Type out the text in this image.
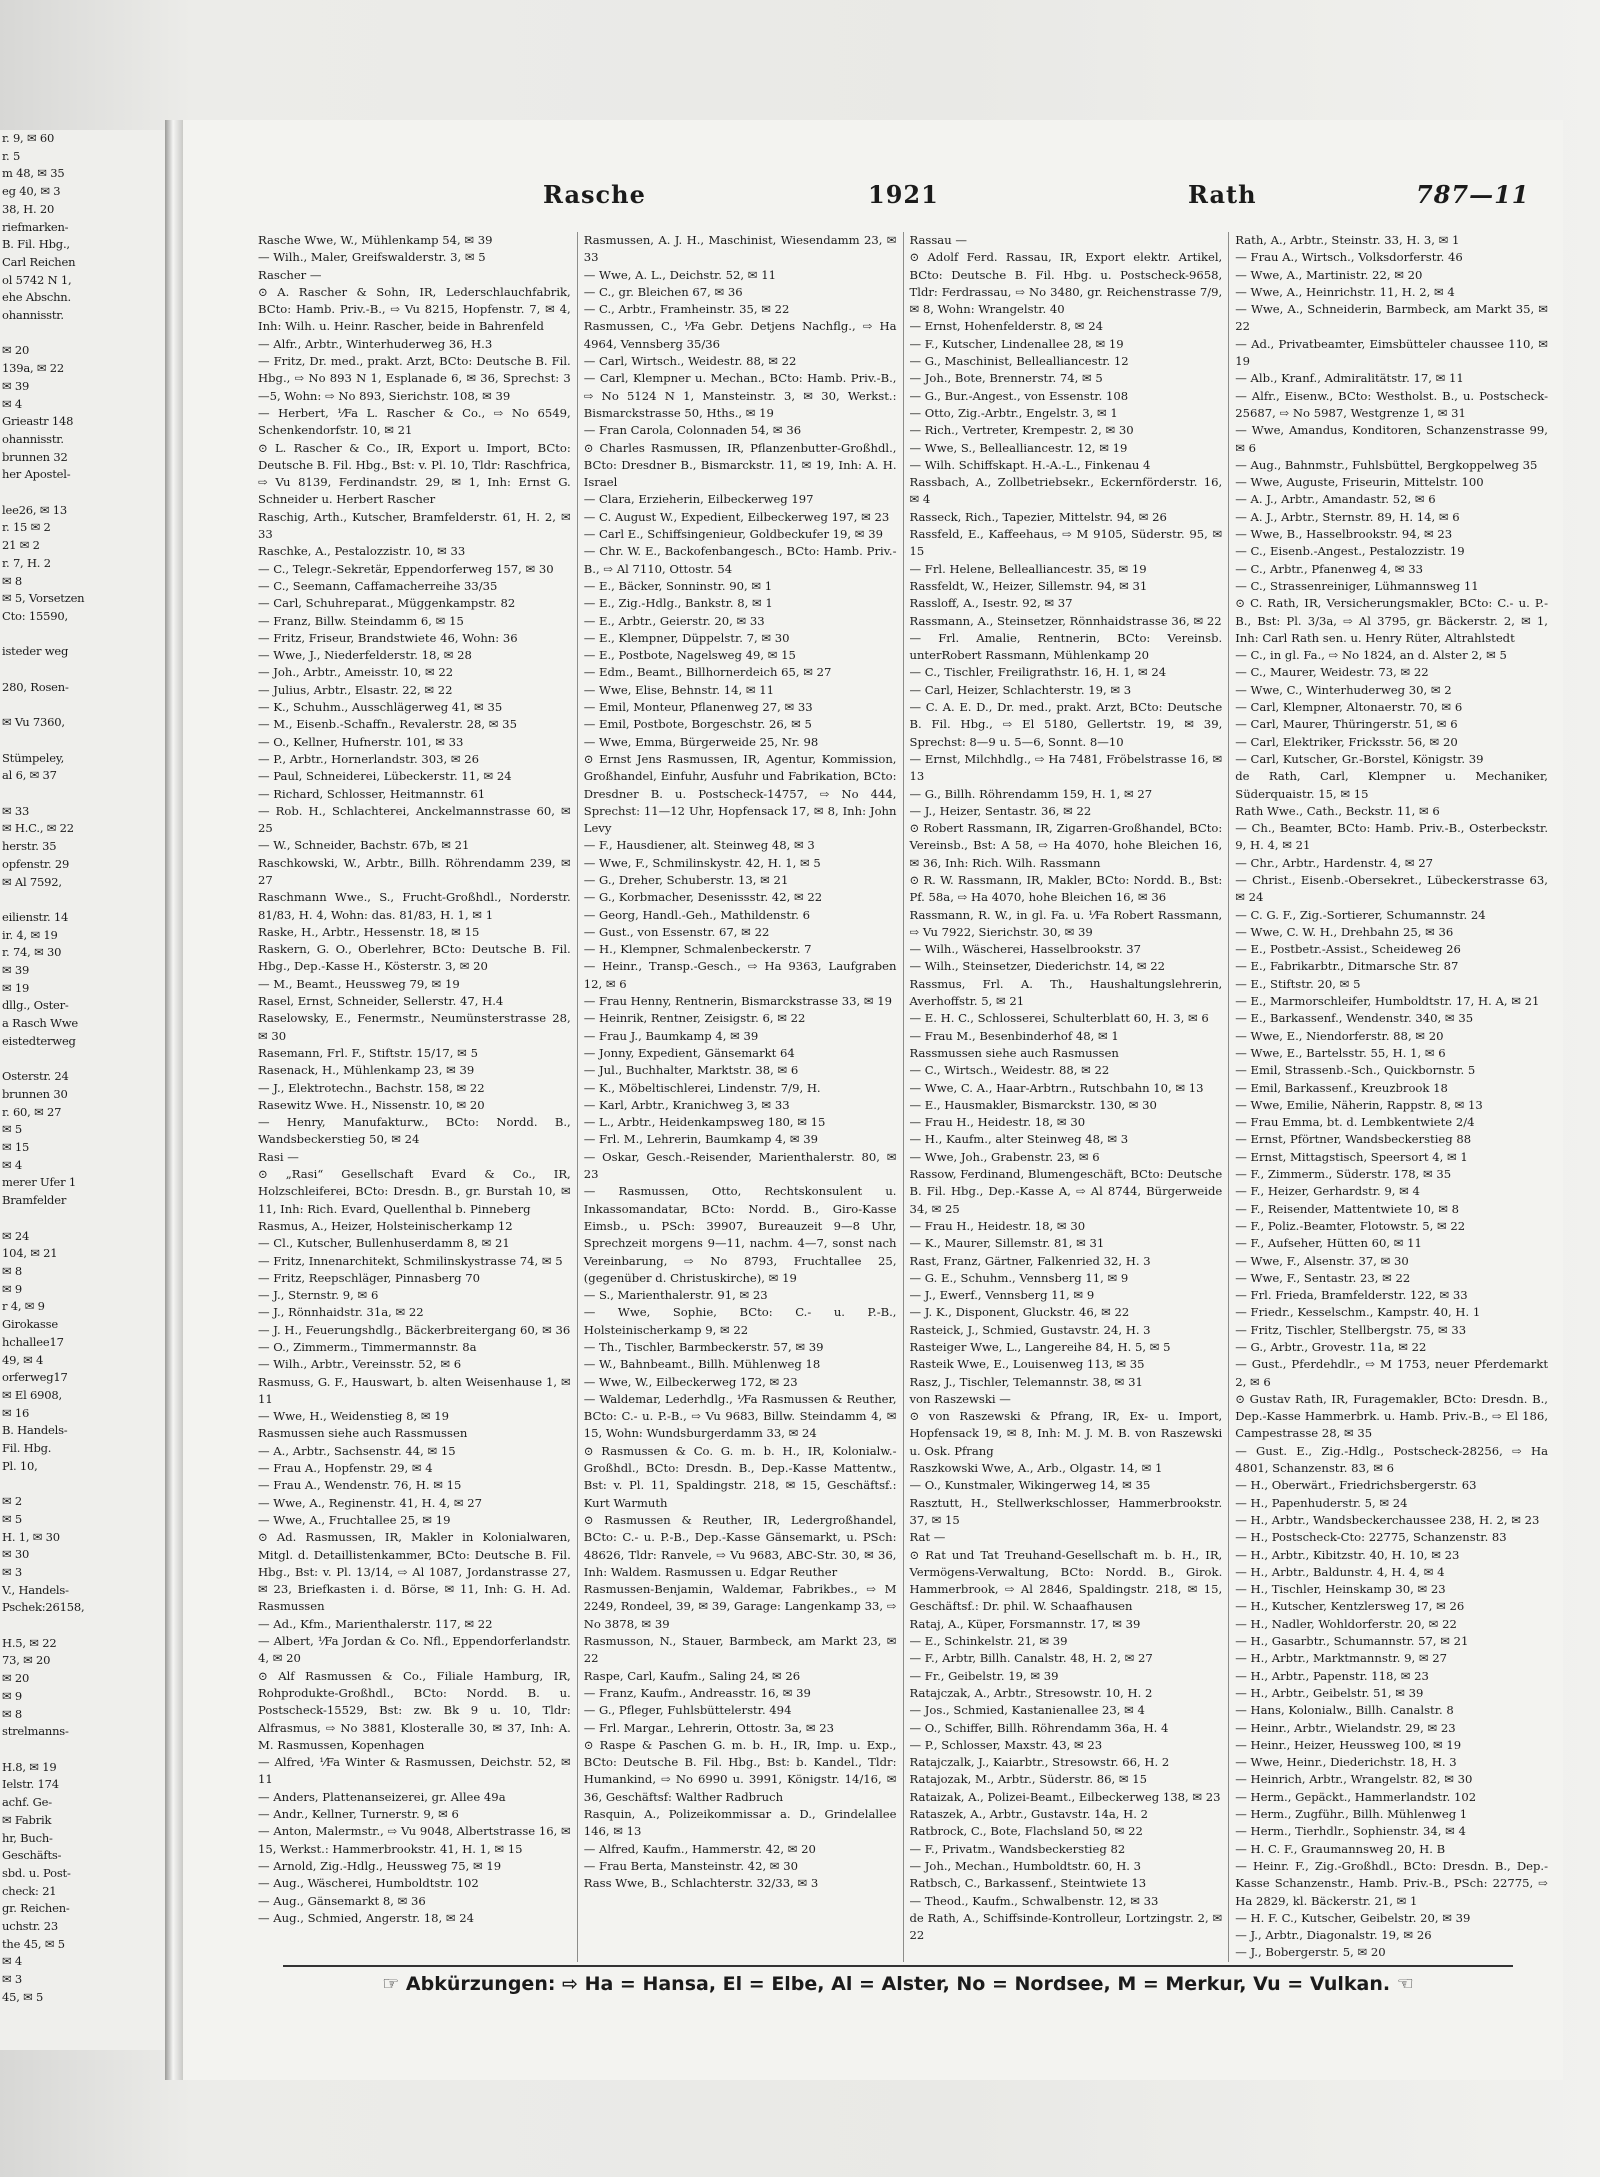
r. 9, ✉ 60
r. 5
m 48, ✉ 35
eg 40, ✉ 3
38, H. 20
riefmarken-
B. Fil. Hbg.,
Carl Reichen
ol 5742 N 1,
ehe Abschn.
ohannisstr.

✉ 20
139a, ✉ 22
✉ 39
✉ 4
Grieastr 148
ohannisstr.
brunnen 32
her Apostel-

lee26, ✉ 13
r. 15 ✉ 2
21 ✉ 2
r. 7, H. 2
✉ 8
✉ 5, Vorsetzen
Cto: 15590,

isteder weg

280, Rosen-

✉ Vu 7360,

Stümpeley,
al 6, ✉ 37

✉ 33
✉ H.C., ✉ 22
herstr. 35
opfenstr. 29
✉ Al 7592,

eilienstr. 14
ir. 4, ✉ 19
r. 74, ✉ 30
✉ 39
✉ 19
dllg., Oster-
a Rasch Wwe
eistedterweg

Osterstr. 24
brunnen 30
r. 60, ✉ 27
✉ 5
✉ 15
✉ 4
merer Ufer 1
Bramfelder

✉ 24
104, ✉ 21
✉ 8
✉ 9
r 4, ✉ 9
Girokasse
hchallee17
49, ✉ 4
orferweg17
✉ El 6908,
✉ 16
B. Handels-
Fil. Hbg.
Pl. 10,

✉ 2
✉ 5
H. 1, ✉ 30
✉ 30
✉ 3
V., Handels-
Pschek:26158,

H.5, ✉ 22
73, ✉ 20
✉ 20
✉ 9
✉ 8
strelmanns-

H.8, ✉ 19
Ielstr. 174
achf. Ge-
✉ Fabrik
hr, Buch-
Geschäfts-
sbd. u. Post-
check: 21
gr. Reichen-
uchstr. 23
the 45, ✉ 5
✉ 4
✉ 3
45, ✉ 5
Rasche	1921	Rath	787—11

Rasche Wwe, W., Mühlenkamp 54, ✉ 39

— Wilh., Maler, Greifswalderstr. 3, ✉ 5

Rascher —

⊙ A. Rascher & Sohn, IR, Lederschlauchfabrik, BCto: Hamb. Priv.-B., ⇨ Vu 8215, Hopfenstr. 7, ✉ 4, Inh: Wilh. u. Heinr. Rascher, beide in Bahrenfeld

— Alfr., Arbtr., Winterhuderweg 36, H.3

— Fritz, Dr. med., prakt. Arzt, BCto: Deutsche B. Fil. Hbg., ⇨ No 893 N 1, Esplanade 6, ✉ 36, Sprechst: 3—5, Wohn: ⇨ No 893, Sierichstr. 108, ✉ 39

— Herbert, ⅟Fa L. Rascher & Co., ⇨ No 6549, Schenkendorfstr. 10, ✉ 21

⊙ L. Rascher & Co., IR, Export u. Import, BCto: Deutsche B. Fil. Hbg., Bst: v. Pl. 10, Tldr: Raschfrica, ⇨ Vu 8139, Ferdinandstr. 29, ✉ 1, Inh: Ernst G. Schneider u. Herbert Rascher

Raschig, Arth., Kutscher, Bramfelderstr. 61, H. 2, ✉ 33

Raschke, A., Pestalozzistr. 10, ✉ 33

— C., Telegr.-Sekretär, Eppendorferweg 157, ✉ 30

— C., Seemann, Caffamacherreihe 33/35

— Carl, Schuhreparat., Müggenkampstr. 82

— Franz, Billw. Steindamm 6, ✉ 15

— Fritz, Friseur, Brandstwiete 46, Wohn: 36

— Wwe, J., Niederfelderstr. 18, ✉ 28

— Joh., Arbtr., Ameisstr. 10, ✉ 22

— Julius, Arbtr., Elsastr. 22, ✉ 22

— K., Schuhm., Ausschlägerweg 41, ✉ 35

— M., Eisenb.-Schaffn., Revalerstr. 28, ✉ 35

— O., Kellner, Hufnerstr. 101, ✉ 33

— P., Arbtr., Hornerlandstr. 303, ✉ 26

— Paul, Schneiderei, Lübeckerstr. 11, ✉ 24

— Richard, Schlosser, Heitmannstr. 61

— Rob. H., Schlachterei, Anckelmannstrasse 60, ✉ 25

— W., Schneider, Bachstr. 67b, ✉ 21

Raschkowski, W., Arbtr., Billh. Röhrendamm 239, ✉ 27

Raschmann Wwe., S., Frucht-Großhdl., Norderstr. 81/83, H. 4, Wohn: das. 81/83, H. 1, ✉ 1

Raske, H., Arbtr., Hessenstr. 18, ✉ 15

Raskern, G. O., Oberlehrer, BCto: Deutsche B. Fil. Hbg., Dep.-Kasse H., Kösterstr. 3, ✉ 20

— M., Beamt., Heussweg 79, ✉ 19

Rasel, Ernst, Schneider, Sellerstr. 47, H.4

Raselowsky, E., Fenermstr., Neumünsterstrasse 28, ✉ 30

Rasemann, Frl. F., Stiftstr. 15/17, ✉ 5

Rasenack, H., Mühlenkamp 23, ✉ 39

— J., Elektrotechn., Bachstr. 158, ✉ 22

Rasewitz Wwe. H., Nissenstr. 10, ✉ 20

— Henry, Manufakturw., BCto: Nordd. B., Wandsbeckerstieg 50, ✉ 24

Rasi —

⊙ „Rasi“ Gesellschaft Evard & Co., IR, Holzschleiferei, BCto: Dresdn. B., gr. Burstah 10, ✉ 11, Inh: Rich. Evard, Quellenthal b. Pinneberg

Rasmus, A., Heizer, Holsteinischerkamp 12

— Cl., Kutscher, Bullenhuserdamm 8, ✉ 21

— Fritz, Innenarchitekt, Schmilinskystrasse 74, ✉ 5

— Fritz, Reepschläger, Pinnasberg 70

— J., Sternstr. 9, ✉ 6

— J., Rönnhaidstr. 31a, ✉ 22

— J. H., Feuerungshdlg., Bäckerbreitergang 60, ✉ 36

— O., Zimmerm., Timmermannstr. 8a

— Wilh., Arbtr., Vereinsstr. 52, ✉ 6

Rasmuss, G. F., Hauswart, b. alten Weisenhause 1, ✉ 11

— Wwe, H., Weidenstieg 8, ✉ 19

Rasmussen siehe auch Rassmussen

— A., Arbtr., Sachsenstr. 44, ✉ 15

— Frau A., Hopfenstr. 29, ✉ 4

— Frau A., Wendenstr. 76, H. ✉ 15

— Wwe, A., Reginenstr. 41, H. 4, ✉ 27

— Wwe, A., Fruchtallee 25, ✉ 19

⊙ Ad. Rasmussen, IR, Makler in Kolonialwaren, Mitgl. d. Detaillistenkammer, BCto: Deutsche B. Fil. Hbg., Bst: v. Pl. 13/14, ⇨ Al 1087, Jordanstrasse 27, ✉ 23, Briefkasten i. d. Börse, ✉ 11, Inh: G. H. Ad. Rasmussen

— Ad., Kfm., Marienthalerstr. 117, ✉ 22

— Albert, ⅟Fa Jordan & Co. Nfl., Eppendorferlandstr. 4, ✉ 20

⊙ Alf Rasmussen & Co., Filiale Hamburg, IR, Rohprodukte-Großhdl., BCto: Nordd. B. u. Postscheck-15529, Bst: zw. Bk 9 u. 10, Tldr: Alfrasmus, ⇨ No 3881, Klosteralle 30, ✉ 37, Inh: A. M. Rasmussen, Kopenhagen

— Alfred, ⅟Fa Winter & Rasmussen, Deichstr. 52, ✉ 11

— Anders, Plattenanseizerei, gr. Allee 49a

— Andr., Kellner, Turnerstr. 9, ✉ 6

— Anton, Malermstr., ⇨ Vu 9048, Albertstrasse 16, ✉ 15, Werkst.: Hammerbrookstr. 41, H. 1, ✉ 15

— Arnold, Zig.-Hdlg., Heussweg 75, ✉ 19

— Aug., Wäscherei, Humboldtstr. 102

— Aug., Gänsemarkt 8, ✉ 36

— Aug., Schmied, Angerstr. 18, ✉ 24

Rasmussen, A. J. H., Maschinist, Wiesendamm 23, ✉ 33

— Wwe, A. L., Deichstr. 52, ✉ 11

— C., gr. Bleichen 67, ✉ 36

— C., Arbtr., Framheinstr. 35, ✉ 22

Rasmussen, C., ⅟Fa Gebr. Detjens Nachflg., ⇨ Ha 4964, Vennsberg 35/36

— Carl, Wirtsch., Weidestr. 88, ✉ 22

— Carl, Klempner u. Mechan., BCto: Hamb. Priv.-B., ⇨ No 5124 N 1, Mansteinstr. 3, ✉ 30, Werkst.: Bismarckstrasse 50, Hths., ✉ 19

— Fran Carola, Colonnaden 54, ✉ 36

⊙ Charles Rasmussen, IR, Pflanzenbutter-Großhdl., BCto: Dresdner B., Bismarckstr. 11, ✉ 19, Inh: A. H. Israel

— Clara, Erzieherin, Eilbeckerweg 197

— C. August W., Expedient, Eilbeckerweg 197, ✉ 23

— Carl E., Schiffsingenieur, Goldbeckufer 19, ✉ 39

— Chr. W. E., Backofenbangesch., BCto: Hamb. Priv.-B., ⇨ Al 7110, Ottostr. 54

— E., Bäcker, Sonninstr. 90, ✉ 1

— E., Zig.-Hdlg., Bankstr. 8, ✉ 1

— E., Arbtr., Geierstr. 20, ✉ 33

— E., Klempner, Düppelstr. 7, ✉ 30

— E., Postbote, Nagelsweg 49, ✉ 15

— Edm., Beamt., Billhornerdeich 65, ✉ 27

— Wwe, Elise, Behnstr. 14, ✉ 11

— Emil, Monteur, Pflanenweg 27, ✉ 33

— Emil, Postbote, Borgeschstr. 26, ✉ 5

— Wwe, Emma, Bürgerweide 25, Nr. 98

⊙ Ernst Jens Rasmussen, IR, Agentur, Kommission, Großhandel, Einfuhr, Ausfuhr und Fabrikation, BCto: Dresdner B. u. Postscheck-14757, ⇨ No 444, Sprechst: 11—12 Uhr, Hopfensack 17, ✉ 8, Inh: John Levy

— F., Hausdiener, alt. Steinweg 48, ✉ 3

— Wwe, F., Schmilinskystr. 42, H. 1, ✉ 5

— G., Dreher, Schuberstr. 13, ✉ 21

— G., Korbmacher, Desenissstr. 42, ✉ 22

— Georg, Handl.-Geh., Mathildenstr. 6

— Gust., von Essenstr. 67, ✉ 22

— H., Klempner, Schmalenbeckerstr. 7

— Heinr., Transp.-Gesch., ⇨ Ha 9363, Laufgraben 12, ✉ 6

— Frau Henny, Rentnerin, Bismarckstrasse 33, ✉ 19

— Heinrik, Rentner, Zeisigstr. 6, ✉ 22

— Frau J., Baumkamp 4, ✉ 39

— Jonny, Expedient, Gänsemarkt 64

— Jul., Buchhalter, Marktstr. 38, ✉ 6

— K., Möbeltischlerei, Lindenstr. 7/9, H.

— Karl, Arbtr., Kranichweg 3, ✉ 33

— L., Arbtr., Heidenkampsweg 180, ✉ 15

— Frl. M., Lehrerin, Baumkamp 4, ✉ 39

— Oskar, Gesch.-Reisender, Marienthalerstr. 80, ✉ 23

— Rasmussen, Otto, Rechtskonsulent u. Inkassomandatar, BCto: Nordd. B., Giro-Kasse Eimsb., u. PSch: 39907, Bureauzeit 9—8 Uhr, Sprechzeit morgens 9—11, nachm. 4—7, sonst nach Vereinbarung, ⇨ No 8793, Fruchtallee 25, (gegenüber d. Christuskirche), ✉ 19

— S., Marienthalerstr. 91, ✉ 23

— Wwe, Sophie, BCto: C.- u. P.-B., Holsteinischerkamp 9, ✉ 22

— Th., Tischler, Barmbeckerstr. 57, ✉ 39

— W., Bahnbeamt., Billh. Mühlenweg 18

— Wwe, W., Eilbeckerweg 172, ✉ 23

— Waldemar, Lederhdlg., ⅟Fa Rasmussen & Reuther, BCto: C.- u. P.-B., ⇨ Vu 9683, Billw. Steindamm 4, ✉ 15, Wohn: Wundsburgerdamm 33, ✉ 24

⊙ Rasmussen & Co. G. m. b. H., IR, Kolonialw.-Großhdl., BCto: Dresdn. B., Dep.-Kasse Mattentw., Bst: v. Pl. 11, Spaldingstr. 218, ✉ 15, Geschäftsf.: Kurt Warmuth

⊙ Rasmussen & Reuther, IR, Ledergroßhandel, BCto: C.- u. P.-B., Dep.-Kasse Gänsemarkt, u. PSch: 48626, Tldr: Ranvele, ⇨ Vu 9683, ABC-Str. 30, ✉ 36, Inh: Waldem. Rasmussen u. Edgar Reuther

Rasmussen-Benjamin, Waldemar, Fabrikbes., ⇨ M 2249, Rondeel, 39, ✉ 39, Garage: Langenkamp 33, ⇨ No 3878, ✉ 39

Rasmusson, N., Stauer, Barmbeck, am Markt 23, ✉ 22

Raspe, Carl, Kaufm., Saling 24, ✉ 26

— Franz, Kaufm., Andreasstr. 16, ✉ 39

— G., Pfleger, Fuhlsbüttelerstr. 494

— Frl. Margar., Lehrerin, Ottostr. 3a, ✉ 23

⊙ Raspe & Paschen G. m. b. H., IR, Imp. u. Exp., BCto: Deutsche B. Fil. Hbg., Bst: b. Kandel., Tldr: Humankind, ⇨ No 6990 u. 3991, Königstr. 14/16, ✉ 36, Geschäftsf: Walther Radbruch

Rasquin, A., Polizeikommissar a. D., Grindelallee 146, ✉ 13

— Alfred, Kaufm., Hammerstr. 42, ✉ 20

— Frau Berta, Mansteinstr. 42, ✉ 30

Rass Wwe, B., Schlachterstr. 32/33, ✉ 3

Rassau —

⊙ Adolf Ferd. Rassau, IR, Export elektr. Artikel, BCto: Deutsche B. Fil. Hbg. u. Postscheck-9658, Tldr: Ferdrassau, ⇨ No 3480, gr. Reichenstrasse 7/9, ✉ 8, Wohn: Wrangelstr. 40

— Ernst, Hohenfelderstr. 8, ✉ 24

— F., Kutscher, Lindenallee 28, ✉ 19

— G., Maschinist, Bellealliancestr. 12

— Joh., Bote, Brennerstr. 74, ✉ 5

— G., Bur.-Angest., von Essenstr. 108

— Otto, Zig.-Arbtr., Engelstr. 3, ✉ 1

— Rich., Vertreter, Krempestr. 2, ✉ 30

— Wwe, S., Bellealliancestr. 12, ✉ 19

— Wilh. Schiffskapt. H.-A.-L., Finkenau 4

Rassbach, A., Zollbetriebsekr., Eckernförderstr. 16, ✉ 4

Rasseck, Rich., Tapezier, Mittelstr. 94, ✉ 26

Rassfeld, E., Kaffeehaus, ⇨ M 9105, Süderstr. 95, ✉ 15

— Frl. Helene, Bellealliancestr. 35, ✉ 19

Rassfeldt, W., Heizer, Sillemstr. 94, ✉ 31

Rassloff, A., Isestr. 92, ✉ 37

Rassmann, A., Steinsetzer, Rönnhaidstrasse 36, ✉ 22

— Frl. Amalie, Rentnerin, BCto: Vereinsb. unterRobert Rassmann, Mühlenkamp 20

— C., Tischler, Freiligrathstr. 16, H. 1, ✉ 24

— Carl, Heizer, Schlachterstr. 19, ✉ 3

— C. A. E. D., Dr. med., prakt. Arzt, BCto: Deutsche B. Fil. Hbg., ⇨ El 5180, Gellertstr. 19, ✉ 39, Sprechst: 8—9 u. 5—6, Sonnt. 8—10

— Ernst, Milchhdlg., ⇨ Ha 7481, Fröbelstrasse 16, ✉ 13

— G., Billh. Röhrendamm 159, H. 1, ✉ 27

— J., Heizer, Sentastr. 36, ✉ 22

⊙ Robert Rassmann, IR, Zigarren-Großhandel, BCto: Vereinsb., Bst: A 58, ⇨ Ha 4070, hohe Bleichen 16, ✉ 36, Inh: Rich. Wilh. Rassmann

⊙ R. W. Rassmann, IR, Makler, BCto: Nordd. B., Bst: Pf. 58a, ⇨ Ha 4070, hohe Bleichen 16, ✉ 36

Rassmann, R. W., in gl. Fa. u. ⅟Fa Robert Rassmann, ⇨ Vu 7922, Sierichstr. 30, ✉ 39

— Wilh., Wäscherei, Hasselbrookstr. 37

— Wilh., Steinsetzer, Diederichstr. 14, ✉ 22

Rassmus, Frl. A. Th., Haushaltungslehrerin, Averhoffstr. 5, ✉ 21

— E. H. C., Schlosserei, Schulterblatt 60, H. 3, ✉ 6

— Frau M., Besenbinderhof 48, ✉ 1

Rassmussen siehe auch Rasmussen

— C., Wirtsch., Weidestr. 88, ✉ 22

— Wwe, C. A., Haar-Arbtrn., Rutschbahn 10, ✉ 13

— E., Hausmakler, Bismarckstr. 130, ✉ 30

— Frau H., Heidestr. 18, ✉ 30

— H., Kaufm., alter Steinweg 48, ✉ 3

— Wwe, Joh., Grabenstr. 23, ✉ 6

Rassow, Ferdinand, Blumengeschäft, BCto: Deutsche B. Fil. Hbg., Dep.-Kasse A, ⇨ Al 8744, Bürgerweide 34, ✉ 25

— Frau H., Heidestr. 18, ✉ 30

— K., Maurer, Sillemstr. 81, ✉ 31

Rast, Franz, Gärtner, Falkenried 32, H. 3

— G. E., Schuhm., Vennsberg 11, ✉ 9

— J., Ewerf., Vennsberg 11, ✉ 9

— J. K., Disponent, Gluckstr. 46, ✉ 22

Rasteick, J., Schmied, Gustavstr. 24, H. 3

Rasteiger Wwe, L., Langereihe 84, H. 5, ✉ 5

Rasteik Wwe, E., Louisenweg 113, ✉ 35

Rasz, J., Tischler, Telemannstr. 38, ✉ 31

von Raszewski —

⊙ von Raszewski & Pfrang, IR, Ex- u. Import, Hopfensack 19, ✉ 8, Inh: M. J. M. B. von Raszewski u. Osk. Pfrang

Raszkowski Wwe, A., Arb., Olgastr. 14, ✉ 1

— O., Kunstmaler, Wikingerweg 14, ✉ 35

Rasztutt, H., Stellwerkschlosser, Hammerbrookstr. 37, ✉ 15

Rat —

⊙ Rat und Tat Treuhand-Gesellschaft m. b. H., IR, Vermögens-Verwaltung, BCto: Nordd. B., Girok. Hammerbrook, ⇨ Al 2846, Spaldingstr. 218, ✉ 15, Geschäftsf.: Dr. phil. W. Schaafhausen

Rataj, A., Küper, Forsmannstr. 17, ✉ 39

— E., Schinkelstr. 21, ✉ 39

— F., Arbtr, Billh. Canalstr. 48, H. 2, ✉ 27

— Fr., Geibelstr. 19, ✉ 39

Ratajczak, A., Arbtr., Stresowstr. 10, H. 2

— Jos., Schmied, Kastanienallee 23, ✉ 4

— O., Schiffer, Billh. Röhrendamm 36a, H. 4

— P., Schlosser, Maxstr. 43, ✉ 23

Ratajczalk, J., Kaiarbtr., Stresowstr. 66, H. 2

Ratajozak, M., Arbtr., Süderstr. 86, ✉ 15

Rataizak, A., Polizei-Beamt., Eilbeckerweg 138, ✉ 23

Rataszek, A., Arbtr., Gustavstr. 14a, H. 2

Ratbrock, C., Bote, Flachsland 50, ✉ 22

— F., Privatm., Wandsbeckerstieg 82

— Joh., Mechan., Humboldtstr. 60, H. 3

Ratbsch, C., Barkassenf., Steintwiete 13

— Theod., Kaufm., Schwalbenstr. 12, ✉ 33

de Rath, A., Schiffsinde-Kontrolleur, Lortzingstr. 2, ✉ 22

Rath, A., Arbtr., Steinstr. 33, H. 3, ✉ 1

— Frau A., Wirtsch., Volksdorferstr. 46

— Wwe, A., Martinistr. 22, ✉ 20

— Wwe, A., Heinrichstr. 11, H. 2, ✉ 4

— Wwe, A., Schneiderin, Barmbeck, am Markt 35, ✉ 22

— Ad., Privatbeamter, Eimsbütteler chaussee 110, ✉ 19

— Alb., Kranf., Admiralitätstr. 17, ✉ 11

— Alfr., Eisenw., BCto: Westholst. B., u. Postscheck-25687, ⇨ No 5987, Westgrenze 1, ✉ 31

— Wwe, Amandus, Konditoren, Schanzenstrasse 99, ✉ 6

— Aug., Bahnmstr., Fuhlsbüttel, Bergkoppelweg 35

— Wwe, Auguste, Friseurin, Mittelstr. 100

— A. J., Arbtr., Amandastr. 52, ✉ 6

— A. J., Arbtr., Sternstr. 89, H. 14, ✉ 6

— Wwe, B., Hasselbrookstr. 94, ✉ 23

— C., Eisenb.-Angest., Pestalozzistr. 19

— C., Arbtr., Pfanenweg 4, ✉ 33

— C., Strassenreiniger, Lühmannsweg 11

⊙ C. Rath, IR, Versicherungsmakler, BCto: C.- u. P.-B., Bst: Pl. 3/3a, ⇨ Al 3795, gr. Bäckerstr. 2, ✉ 1, Inh: Carl Rath sen. u. Henry Rüter, Altrahlstedt

— C., in gl. Fa., ⇨ No 1824, an d. Alster 2, ✉ 5

— C., Maurer, Weidestr. 73, ✉ 22

— Wwe, C., Winterhuderweg 30, ✉ 2

— Carl, Klempner, Altonaerstr. 70, ✉ 6

— Carl, Maurer, Thüringerstr. 51, ✉ 6

— Carl, Elektriker, Fricksstr. 56, ✉ 20

— Carl, Kutscher, Gr.-Borstel, Königstr. 39

de Rath, Carl, Klempner u. Mechaniker, Süderquaistr. 15, ✉ 15

Rath Wwe., Cath., Beckstr. 11, ✉ 6

— Ch., Beamter, BCto: Hamb. Priv.-B., Osterbeckstr. 9, H. 4, ✉ 21

— Chr., Arbtr., Hardenstr. 4, ✉ 27

— Christ., Eisenb.-Obersekret., Lübeckerstrasse 63, ✉ 24

— C. G. F., Zig.-Sortierer, Schumannstr. 24

— Wwe, C. W. H., Drehbahn 25, ✉ 36

— E., Postbetr.-Assist., Scheideweg 26

— E., Fabrikarbtr., Ditmarsche Str. 87

— E., Stiftstr. 20, ✉ 5

— E., Marmorschleifer, Humboldtstr. 17, H. A, ✉ 21

— E., Barkassenf., Wendenstr. 340, ✉ 35

— Wwe, E., Niendorferstr. 88, ✉ 20

— Wwe, E., Bartelsstr. 55, H. 1, ✉ 6

— Emil, Strassenb.-Sch., Quickbornstr. 5

— Emil, Barkassenf., Kreuzbrook 18

— Wwe, Emilie, Näherin, Rappstr. 8, ✉ 13

— Frau Emma, bt. d. Lembkentwiete 2/4

— Ernst, Pförtner, Wandsbeckerstieg 88

— Ernst, Mittagstisch, Speersort 4, ✉ 1

— F., Zimmerm., Süderstr. 178, ✉ 35

— F., Heizer, Gerhardstr. 9, ✉ 4

— F., Reisender, Mattentwiete 10, ✉ 8

— F., Poliz.-Beamter, Flotowstr. 5, ✉ 22

— F., Aufseher, Hütten 60, ✉ 11

— Wwe, F., Alsenstr. 37, ✉ 30

— Wwe, F., Sentastr. 23, ✉ 22

— Frl. Frieda, Bramfelderstr. 122, ✉ 33

— Friedr., Kesselschm., Kampstr. 40, H. 1

— Fritz, Tischler, Stellbergstr. 75, ✉ 33

— G., Arbtr., Grovestr. 11a, ✉ 22

— Gust., Pferdehdlr., ⇨ M 1753, neuer Pferdemarkt 2, ✉ 6

⊙ Gustav Rath, IR, Furagemakler, BCto: Dresdn. B., Dep.-Kasse Hammerbrk. u. Hamb. Priv.-B., ⇨ El 186, Campestrasse 28, ✉ 35

— Gust. E., Zig.-Hdlg., Postscheck-28256, ⇨ Ha 4801, Schanzenstr. 83, ✉ 6

— H., Oberwärt., Friedrichsbergerstr. 63

— H., Papenhuderstr. 5, ✉ 24

— H., Arbtr., Wandsbeckerchaussee 238, H. 2, ✉ 23

— H., Postscheck-Cto: 22775, Schanzenstr. 83

— H., Arbtr., Kibitzstr. 40, H. 10, ✉ 23

— H., Arbtr., Baldunstr. 4, H. 4, ✉ 4

— H., Tischler, Heinskamp 30, ✉ 23

— H., Kutscher, Kentzlersweg 17, ✉ 26

— H., Nadler, Wohldorferstr. 20, ✉ 22

— H., Gasarbtr., Schumannstr. 57, ✉ 21

— H., Arbtr., Marktmannstr. 9, ✉ 27

— H., Arbtr., Papenstr. 118, ✉ 23

— H., Arbtr., Geibelstr. 51, ✉ 39

— Hans, Kolonialw., Billh. Canalstr. 8

— Heinr., Arbtr., Wielandstr. 29, ✉ 23

— Heinr., Heizer, Heussweg 100, ✉ 19

— Wwe, Heinr., Diederichstr. 18, H. 3

— Heinrich, Arbtr., Wrangelstr. 82, ✉ 30

— Herm., Gepäckt., Hammerlandstr. 102

— Herm., Zugführ., Billh. Mühlenweg 1

— Herm., Tierhdlr., Sophienstr. 34, ✉ 4

— H. C. F., Graumannsweg 20, H. B

— Heinr. F., Zig.-Großhdl., BCto: Dresdn. B., Dep.-Kasse Schanzenstr., Hamb. Priv.-B., PSch: 22775, ⇨ Ha 2829, kl. Bäckerstr. 21, ✉ 1

— H. F. C., Kutscher, Geibelstr. 20, ✉ 39

— J., Arbtr., Diagonalstr. 19, ✉ 26

— J., Bobergerstr. 5, ✉ 20

☞ Abkürzungen: ⇨ Ha = Hansa, El = Elbe, Al = Alster, No = Nordsee, M = Merkur, Vu = Vulkan. ☜
